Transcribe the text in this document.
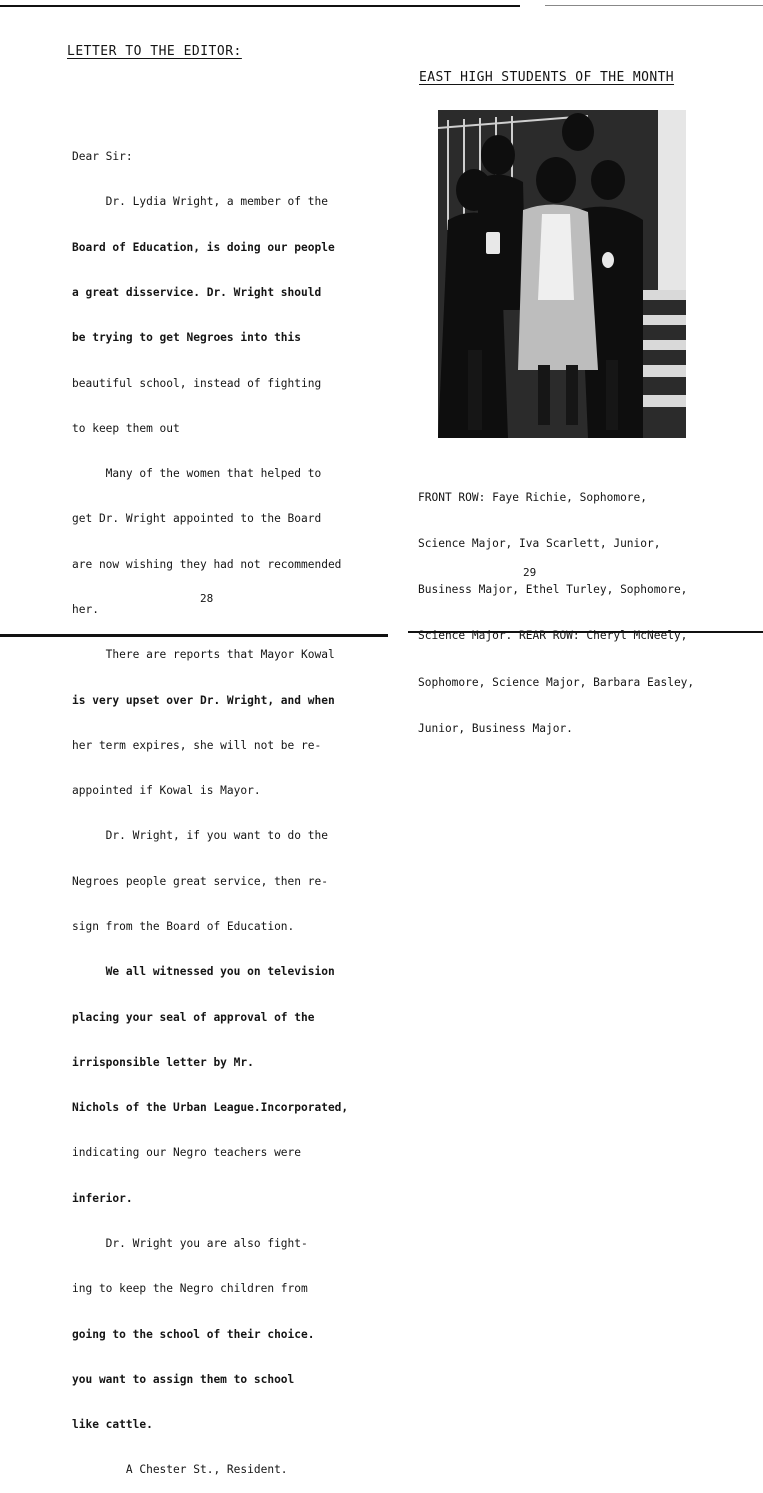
LETTER TO THE EDITOR:

Dear Sir:

Dr. Lydia Wright, a member of the

Board of Education, is doing our people

a great disservice. Dr. Wright should

be trying to get Negroes into this

beautiful school, instead of fighting

to keep them out

Many of the women that helped to

get Dr. Wright appointed to the Board

are now wishing they had not recommended

her.

There are reports that Mayor Kowal

is very upset over Dr. Wright, and when

her term expires, she will not be re-

appointed if Kowal is Mayor.

Dr. Wright, if you want to do the

Negroes people great service, then re-

sign from the Board of Education.

We all witnessed you on television

placing your seal of approval of the

irrisponsible letter by Mr.

Nichols of the Urban League.Incorporated,

indicating our Negro teachers were

inferior.

Dr. Wright you are also fight-

ing to keep the Negro children from

going to the school of their choice.

you want to assign them to school

like cattle.

A Chester St., Resident.

28
EAST HIGH STUDENTS OF THE MONTH

FRONT ROW: Faye Richie, Sophomore,

Science Major, Iva Scarlett, Junior,

Business Major, Ethel Turley, Sophomore,

Science Major. REAR ROW: Cheryl McNeely,

Sophomore, Science Major, Barbara Easley,

Junior, Business Major.

29
